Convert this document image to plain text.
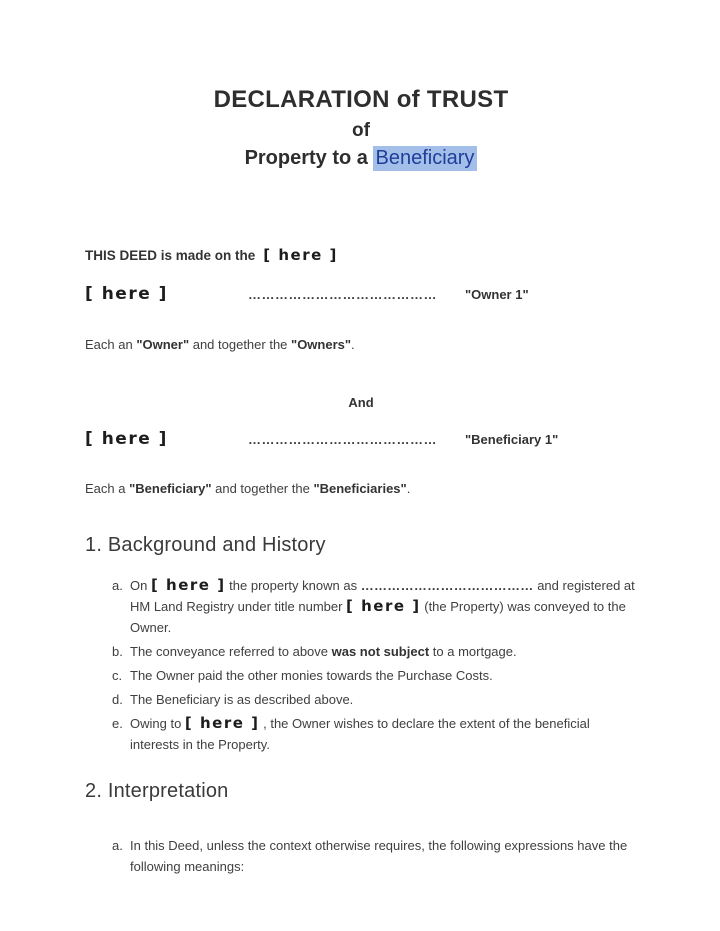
DECLARATION of TRUST
of
Property to a Beneficiary
THIS DEED is made on the [ here ]
[ here ]	……………………………………	"Owner 1"
Each an "Owner" and together the "Owners".
And
[ here ]	……………………………………	"Beneficiary 1"
Each a "Beneficiary" and together the "Beneficiaries".
1. Background and History
a. On [ here ] the property known as ………………………………… and registered at HM Land Registry under title number [ here ] (the Property) was conveyed to the Owner.
b. The conveyance referred to above was not subject to a mortgage.
c. The Owner paid the other monies towards the Purchase Costs.
d. The Beneficiary is as described above.
e. Owing to [ here ] , the Owner wishes to declare the extent of the beneficial interests in the Property.
2. Interpretation
a. In this Deed, unless the context otherwise requires, the following expressions have the following meanings:
